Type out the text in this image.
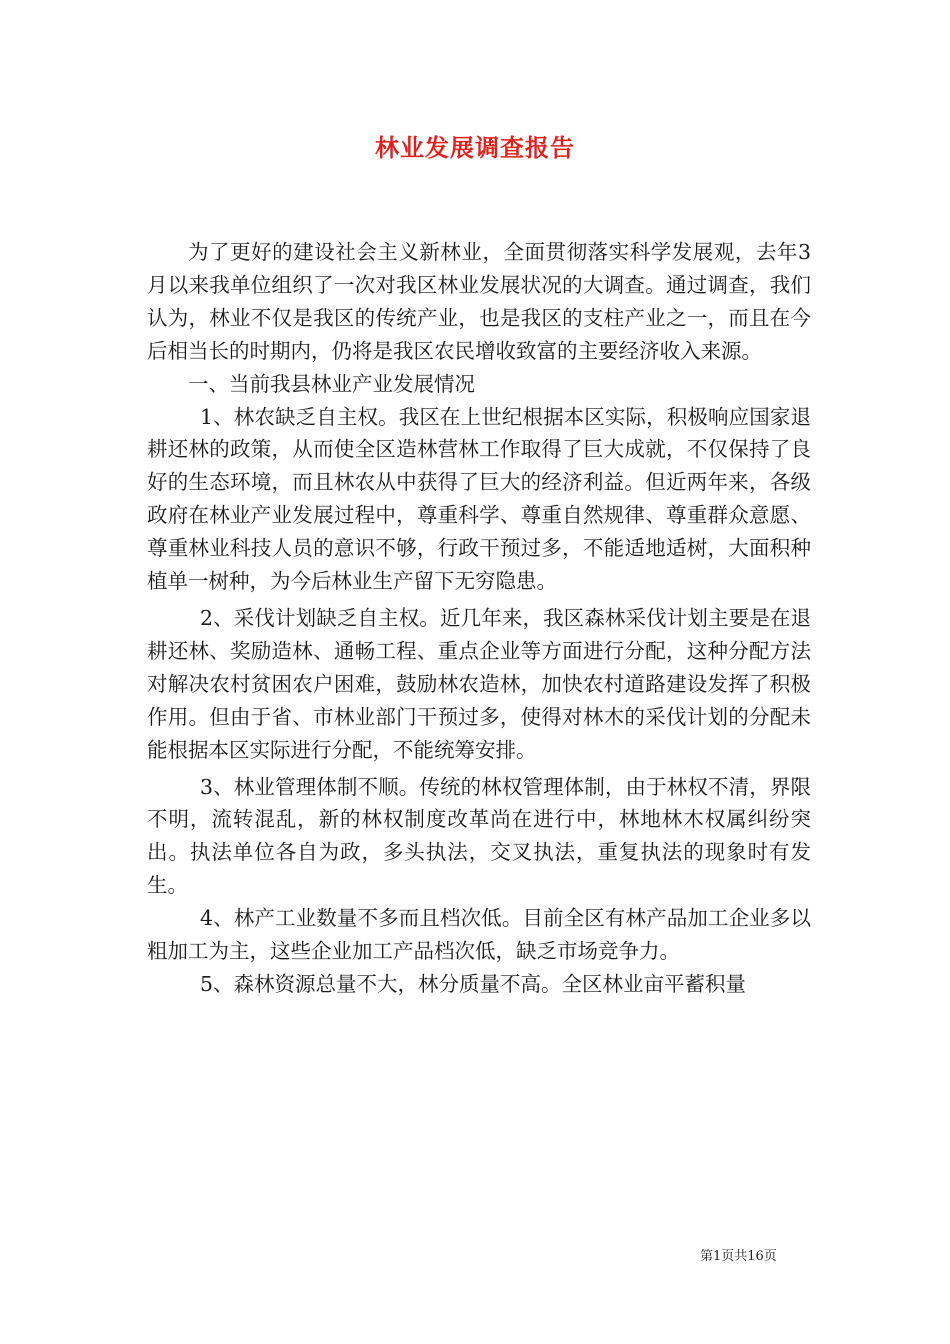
林业发展调查报告

为了更好的建设社会主义新林业，全面贯彻落实科学发展观，去年3月以来我单位组织了一次对我区林业发展状况的大调查。通过调查，我们认为，林业不仅是我区的传统产业，也是我区的支柱产业之一，而且在今后相当长的时期内，仍将是我区农民增收致富的主要经济收入来源。

一、当前我县林业产业发展情况

1、林农缺乏自主权。我区在上世纪根据本区实际，积极响应国家退耕还林的政策，从而使全区造林营林工作取得了巨大成就，不仅保持了良好的生态环境，而且林农从中获得了巨大的经济利益。但近两年来，各级政府在林业产业发展过程中，尊重科学、尊重自然规律、尊重群众意愿、尊重林业科技人员的意识不够，行政干预过多，不能适地适树，大面积种植单一树种，为今后林业生产留下无穷隐患。

2、采伐计划缺乏自主权。近几年来，我区森林采伐计划主要是在退耕还林、奖励造林、通畅工程、重点企业等方面进行分配，这种分配方法对解决农村贫困农户困难，鼓励林农造林，加快农村道路建设发挥了积极作用。但由于省、市林业部门干预过多，使得对林木的采伐计划的分配未能根据本区实际进行分配，不能统筹安排。

3、林业管理体制不顺。传统的林权管理体制，由于林权不清，界限不明，流转混乱，新的林权制度改革尚在进行中，林地林木权属纠纷突出。执法单位各自为政，多头执法，交叉执法，重复执法的现象时有发生。

4、林产工业数量不多而且档次低。目前全区有林产品加工企业多以粗加工为主，这些企业加工产品档次低，缺乏市场竞争力。

5、森林资源总量不大，林分质量不高。全区林业亩平蓄积量

第1页共16页
